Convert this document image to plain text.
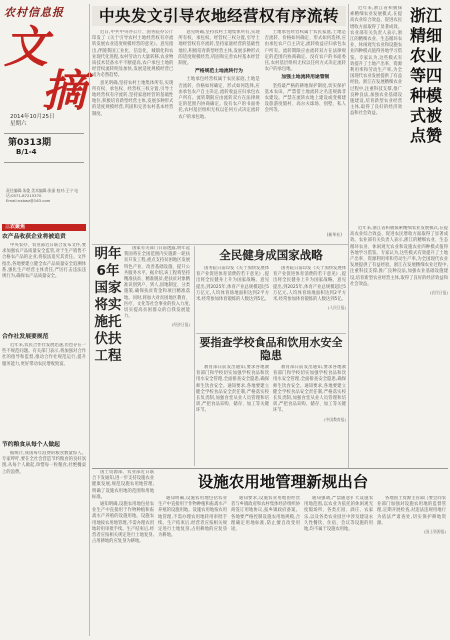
农村信息报
文
摘
2014年10月25日
星期六
第0313期
B/1-4
责任编辑:朱俊 美术编辑:张丽 校对:王宁 电话:0571-87215370 Email:nxbwz@163.com
三农聚焦
农产品收获企业将被追责

中央农办、农业部近日联合发布文件,要求加强农产品质量安全监管,对于生产销售不合格农产品的企业,将依法追究其责任。文件指出,各地要建立健全农产品质量安全追溯体系,强化生产经营主体责任,严厉打击违法违规行为,确保农产品质量安全。

合作社发展要规范

近年来,农民合作社发展迅速,但也存在一些不规范问题。有关部门表示,将加强对合作社的指导和监督,推动合作社规范运行,提升服务能力,更好带动农民增收致富。

节约粮食从每个人做起

据统计,我国每年浪费的粮食数量惊人。专家呼吁,要在全社会营造节约粮食的良好氛围,从每个人做起,珍惜每一粒粮食,杜绝餐桌上的浪费。

中央发文引导农地经营权有序流转

近日,中共中央办公厅、国务院办公厅印发了《关于引导农村土地经营权有序流转发展农业适度规模经营的意见》。意见指出,伴随我国工业化、信息化、城镇化和农业现代化进程,农村劳动力大量转移,农业物质技术装备水平不断提高,农户承包土地的经营权流转明显加快,发展适度规模经营已成为必然趋势。

意见明确,坚持农村土地集体所有,实现所有权、承包权、经营权三权分置,引导土地经营权有序流转,坚持家庭经营的基础性地位,积极培育新型经营主体,发展多种形式的适度规模经营,巩固和完善农村基本经营制度。

意见明确,坚持农村土地集体所有,实现所有权、承包权、经营权三权分置,引导土地经营权有序流转,坚持家庭经营的基础性地位,积极培育新型经营主体,发展多种形式的适度规模经营,巩固和完善农村基本经营制度。

严格规范土地流转行为

土地承包经营权属于农民家庭,土地是否流转、价格如何确定、形式如何选择,应由承包农户自主决定,流转收益应归承包农户所有。流转期限应由流转双方在法律规定的范围内协商确定。没有农户的书面委托,农村基层组织无权以任何方式决定流转农户的承包地。

土地承包经营权属于农民家庭,土地是否流转、价格如何确定、形式如何选择,应由承包农户自主决定,流转收益应归承包农户所有。流转期限应由流转双方在法律规定的范围内协商确定。没有农户的书面委托,农村基层组织无权以任何方式决定流转农户的承包地。

加强土地流转用途管制

坚持最严格的耕地保护制度,切实保护基本农田。严禁借土地流转之名违规搞非农建设。严禁在流转农地上建设或变相建设旅游度假村、高尔夫球场、别墅、私人会所等。

(新华社)

近年来,浙江省积极探索精细农业发展模式,在提高农业综合效益、促进农民增收方面取得了显著成效。农业部有关负责人表示,浙江的精细农业、生态循环农业、休闲观光农业和设施农业四种模式值得各地学习借鉴。专家认为,这些模式有效提升了土地产出率、资源利用率和劳动生产率,为全国现代农业发展提供了有益经验。浙江在发展精细农业过程中,注重科技支撑,推广良种良法,加强农业基础设施建设,培育新型农业经营主体,取得了良好的经济效益和社会效益。

浙江精细农业等四种模式被点赞

近年来,浙江省积极探索精细农业发展模式,在提高农业综合效益、促进农民增收方面取得了显著成效。农业部有关负责人表示,浙江的精细农业、生态循环农业、休闲观光农业和设施农业四种模式值得各地学习借鉴。专家认为,这些模式有效提升了土地产出率、资源利用率和劳动生产率,为全国现代农业发展提供了有益经验。浙江在发展精细农业过程中,注重科技支撑,推广良种良法,加强农业基础设施建设,培育新型农业经营主体,取得了良好的经济效益和社会效益。

(农民日报)
明年6年国家将实施托伏扶工程

国家有关部门日前透露,明年起我国将在全国范围内实施新一轮扶贫开发工程,重点支持贫困地区发展特色产业、改善基础设施、提升公共服务水平。据介绍,该工程将坚持精准扶贫、精准脱贫,把扶贫对象精准识别到户、到人,因地制宜、分类施策,确保扶贫资金和项目精准落地。同时,将加大对贫困地区教育、医疗、文化等社会事业的投入力度,切实提高贫困群众的自我发展能力。

(经济日报)
全民健身成国家战略

国务院日前印发《关于加快发展体育产业促进体育消费的若干意见》,提出将全民健身上升为国家战略。意见提出,到2025年,体育产业总规模超过5万亿元,人均体育场地面积达到2平方米,经常参加体育锻炼的人数达到5亿。

国务院日前印发《关于加快发展体育产业促进体育消费的若干意见》,提出将全民健身上升为国家战略。意见提出,到2025年,体育产业总规模超过5万亿元,人均体育场地面积达到2平方米,经常参加体育锻炼的人数达到5亿。

(人民日报)
要指查学校食品和饮用水安全隐患

教育部日前发出通知,要求各地教育部门和学校切实加强学校食品和饮用水安全管理,全面排查安全隐患,确保师生饮食安全。通知要求,各地要建立健全学校食品安全责任制,严格落实校长负责制,加强食堂从业人员管理和培训,严把食品采购、储存、加工等关键环节。

教育部日前发出通知,要求各地教育部门和学校切实加强学校食品和饮用水安全管理,全面排查安全隐患,确保师生饮食安全。通知要求,各地要建立健全学校食品安全责任制,严格落实校长负责制,加强食堂从业人员管理和培训,严把食品采购、储存、加工等关键环节。

(中国教育报)

国土资源部、农业部近日联合下发通知,进一步支持设施农业健康发展,规范设施农用地管理,明确了设施农用地的范围和用地标准。

通知明确,设施农用地包括农业生产中直接用于作物种植和畜禽水产养殖的设施用地。设施农用地按农用地管理,不需办理农用地转用审批手续。生产结束后,经营者应按相关规定进行土地复垦,占用耕地的应复垦为耕地。

设施农用地管理新规出台

通知明确,设施农用地包括农业生产中直接用于作物种植和畜禽水产养殖的设施用地。设施农用地按农用地管理,不需办理农用地转用审批手续。生产结束后,经营者应按相关规定进行土地复垦,占用耕地的应复垦为耕地。

通知要求,设施农业用地由经营者与乡镇政府和农村集体经济组织协商签订用地协议,报乡镇政府备案。各地要严格控制设施农用地规模,合理确定用地标准,防止擅自改变用途。

通知强调,严禁随意扩大设施农用地范围,以农业为依托的休闲观光度假场所、各类庄园、酒庄、农家乐,以及各类农业园区中涉及建设永久性餐饮、住宿、会议等设施的用地,均不属于设施农用地。

各地国土资源主管部门要会同农业部门加强对设施农用地的监督管理,定期开展检查,对违法违规用地行为依法严肃查处,切实保护耕地资源。

(国土资源报)
